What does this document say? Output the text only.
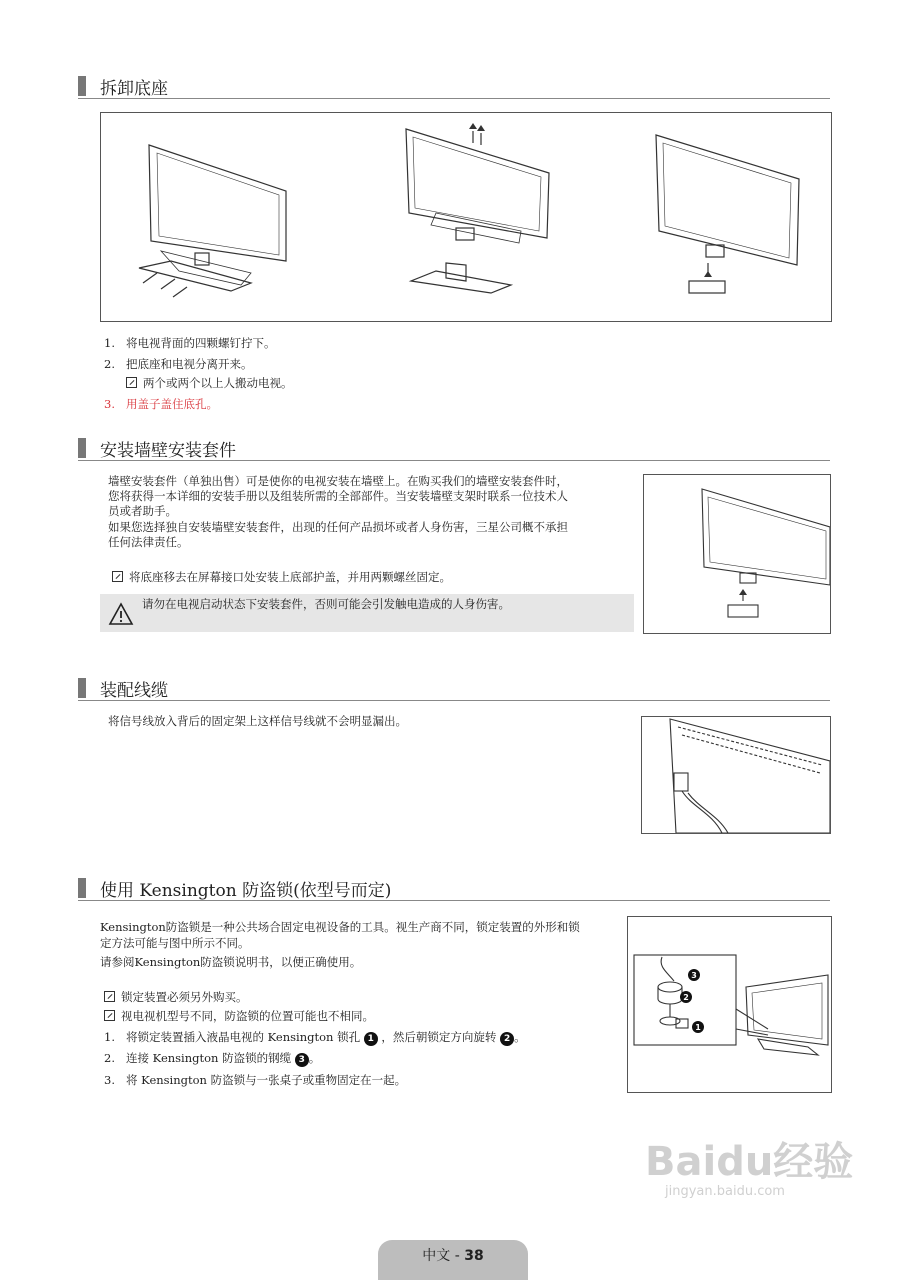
拆卸底座
1. 将电视背面的四颗螺钉拧下。
2. 把底座和电视分离开来。
两个或两个以上人搬动电视。
3. 用盖子盖住底孔。
安装墙壁安装套件
墙壁安装套件（单独出售）可是使你的电视安装在墙壁上。在购买我们的墙壁安装套件时，
您将获得一本详细的安装手册以及组装所需的全部部件。当安装墙壁支架时联系一位技术人
员或者助手。
如果您选择独自安装墙壁安装套件，出现的任何产品损坏或者人身伤害，三星公司概不承担
任何法律责任。
将底座移去在屏幕接口处安装上底部护盖，并用两颗螺丝固定。
请勿在电视启动状态下安装套件，否则可能会引发触电造成的人身伤害。
装配线缆
将信号线放入背后的固定架上这样信号线就不会明显漏出。
使用 Kensington 防盗锁(依型号而定)
Kensington防盗锁是一种公共场合固定电视设备的工具。视生产商不同，锁定装置的外形和锁
定方法可能与图中所示不同。
请参阅Kensington防盗锁说明书，以便正确使用。
锁定装置必须另外购买。
视电视机型号不同，防盗锁的位置可能也不相同。
1. 将锁定装置插入液晶电视的 Kensington 锁孔 1 ，然后朝锁定方向旋转 2 。
2. 连接 Kensington 防盗锁的钢缆 3 。
3. 将 Kensington 防盗锁与一张桌子或重物固定在一起。
3
2
1
Baidu经验
jingyan.baidu.com
中文 - 38
